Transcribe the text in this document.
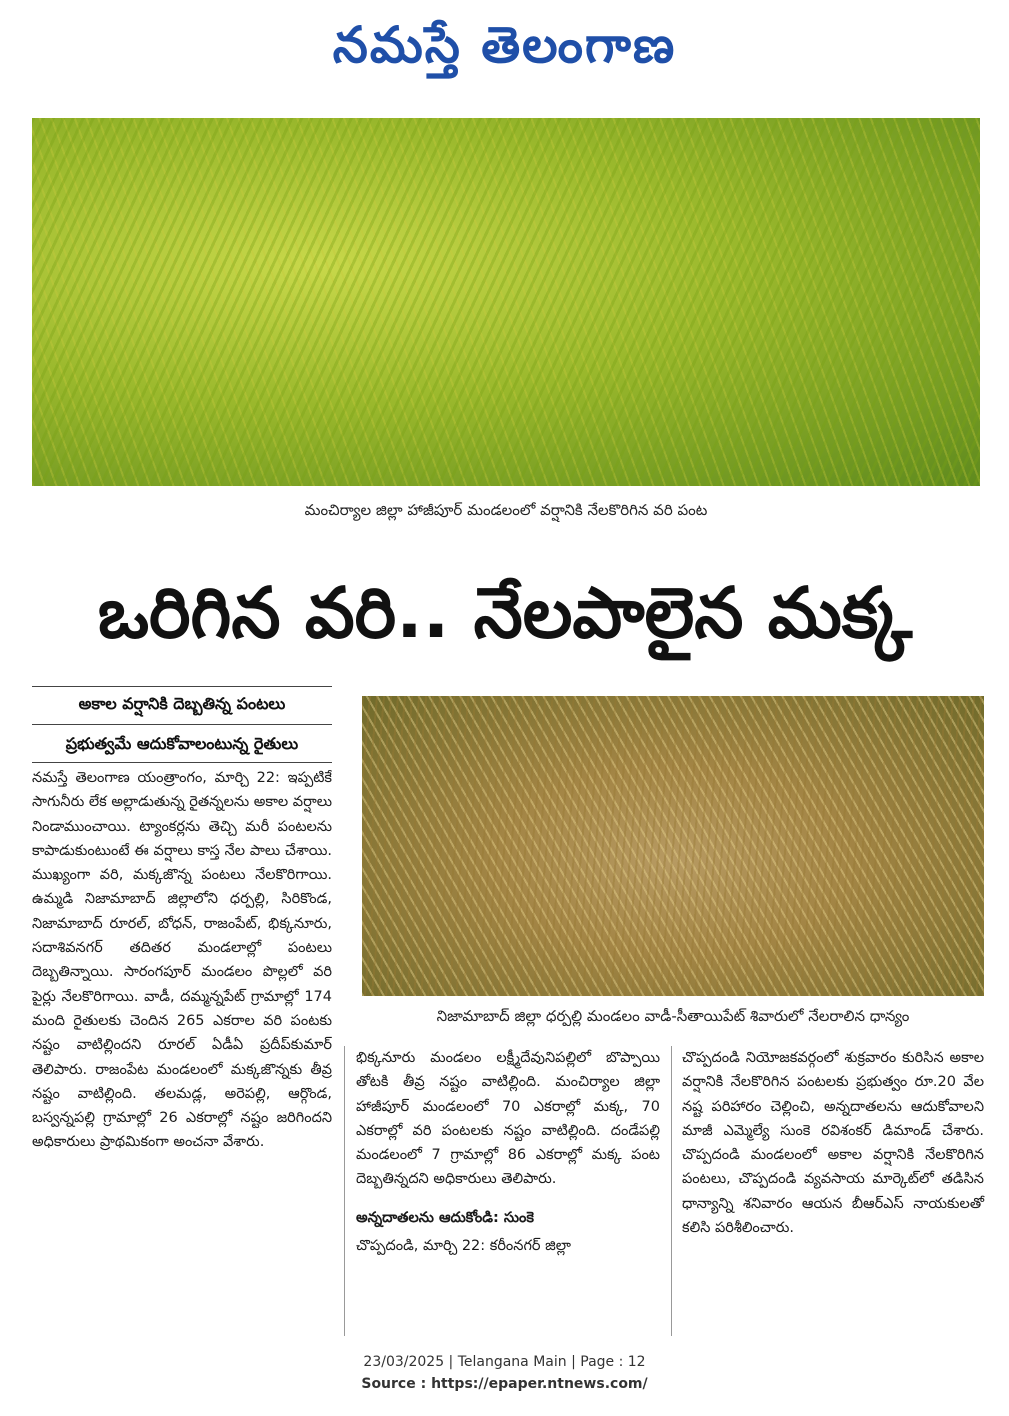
నమస్తే తెలంగాణ
మంచిర్యాల జిల్లా హాజీపూర్ మండలంలో వర్షానికి నేలకొరిగిన వరి పంట
ఒరిగిన వరి.. నేలపాలైన మక్క
అకాల వర్షానికి దెబ్బతిన్న పంటలు
ప్రభుత్వమే ఆదుకోవాలంటున్న రైతులు
నమస్తే తెలంగాణ యంత్రాంగం, మార్చి 22: ఇప్పటికే సాగునీరు లేక అల్లాడుతున్న రైతన్నలను అకాల వర్షాలు నిండాముంచాయి. ట్యాంకర్లను తెచ్చి మరీ పంటలను కాపాడుకుంటుంటే ఈ వర్షాలు కాస్త నేల పాలు చేశాయి. ముఖ్యంగా వరి, మక్కజొన్న పంటలు నేలకొరిగాయి. ఉమ్మడి నిజామాబాద్ జిల్లాలోని ధర్పల్లి, సిరికొండ, నిజామాబాద్ రూరల్, బోధన్, రాజంపేట్, భిక్కనూరు, సదాశివనగర్ తదితర మండలాల్లో పంటలు దెబ్బతిన్నాయి. సారంగపూర్ మండలం పొల్లలో వరి పైర్లు నేలకొరిగాయి. వాడీ, దమ్మన్నపేట్ గ్రామాల్లో 174 మంది రైతులకు చెందిన 265 ఎకరాల వరి పంటకు నష్టం వాటిల్లిందని రూరల్ ఏడీఏ ప్రదీప్‌కుమార్ తెలిపారు. రాజంపేట మండలంలో మక్కజొన్నకు తీవ్ర నష్టం వాటిల్లింది. తలమడ్ల, అరెపల్లి, ఆర్గొండ, బస్వన్నపల్లి గ్రామాల్లో 26 ఎకరాల్లో నష్టం జరిగిందని అధికారులు ప్రాథమికంగా అంచనా వేశారు.
నిజామాబాద్ జిల్లా ధర్పల్లి మండలం వాడీ-సీతాయిపేట్ శివారులో నేలరాలిన ధాన్యం
భిక్కనూరు మండలం లక్ష్మీదేవునిపల్లిలో బొప్పాయి తోటకి తీవ్ర నష్టం వాటిల్లింది. మంచిర్యాల జిల్లా హాజీపూర్ మండలంలో 70 ఎకరాల్లో మక్క, 70 ఎకరాల్లో వరి పంటలకు నష్టం వాటిల్లింది. దండేపల్లి మండలంలో 7 గ్రామాల్లో 86 ఎకరాల్లో మక్క పంట దెబ్బతిన్నదని అధికారులు తెలిపారు.
అన్నదాతలను ఆదుకోండి: సుంకె
చొప్పదండి, మార్చి 22: కరీంనగర్ జిల్లా
చొప్పదండి నియోజకవర్గంలో శుక్రవారం కురిసిన అకాల వర్షానికి నేలకొరిగిన పంటలకు ప్రభుత్వం రూ.20 వేల నష్ట పరిహారం చెల్లించి, అన్నదాతలను ఆదుకోవాలని మాజీ ఎమ్మెల్యే సుంకె రవిశంకర్ డిమాండ్ చేశారు. చొప్పదండి మండలంలో అకాల వర్షానికి నేలకొరిగిన పంటలు, చొప్పదండి వ్యవసాయ మార్కెట్‌లో తడిసిన ధాన్యాన్ని శనివారం ఆయన బీఆర్ఎస్ నాయకులతో కలిసి పరిశీలించారు.
23/03/2025 | Telangana Main | Page : 12
Source : https://epaper.ntnews.com/
